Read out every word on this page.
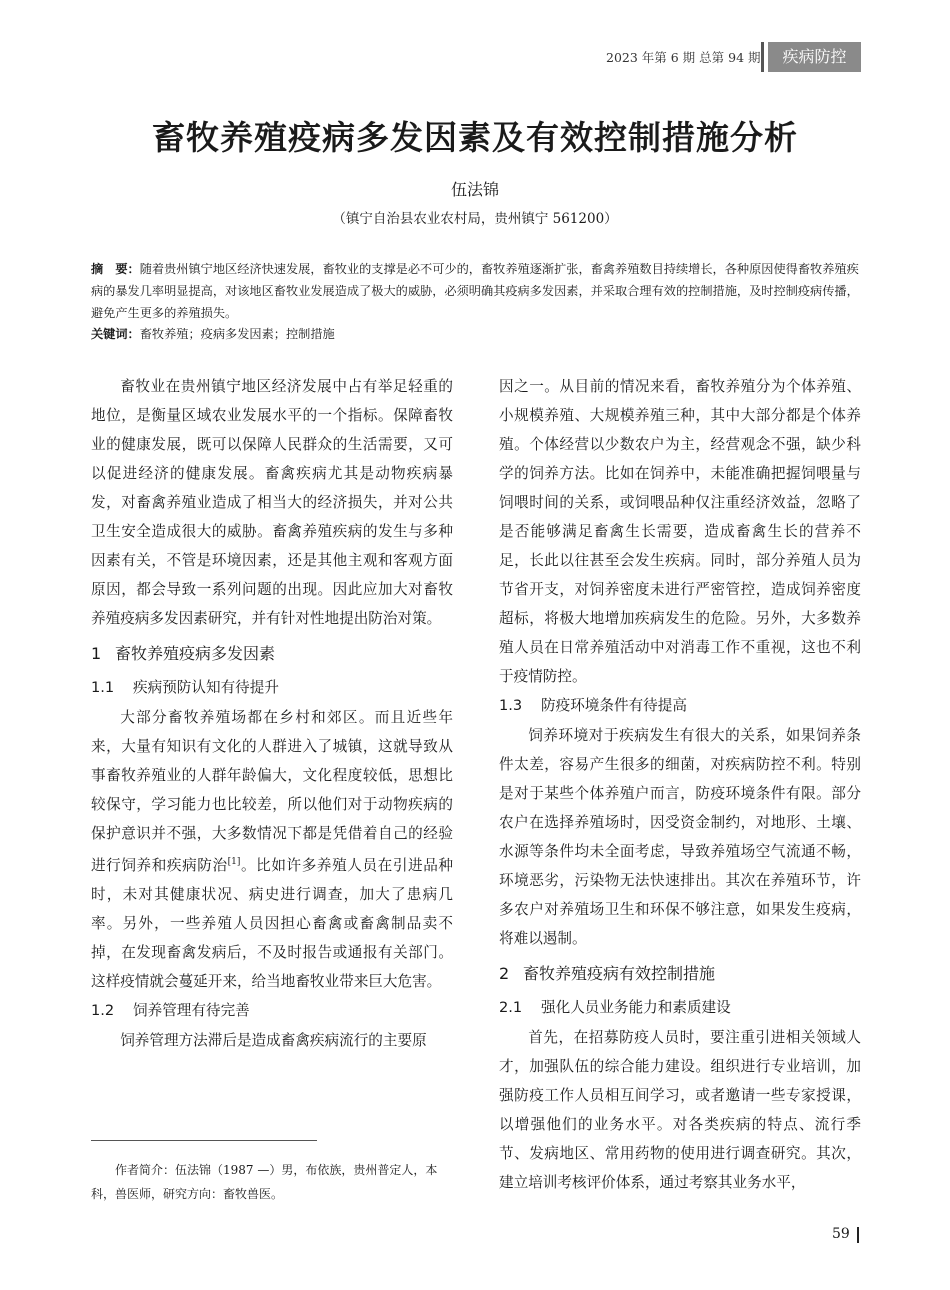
2023 年第 6 期 总第 94 期	疾病防控
畜牧养殖疫病多发因素及有效控制措施分析
伍法锦
（镇宁自治县农业农村局，贵州镇宁 561200）
摘　要：随着贵州镇宁地区经济快速发展，畜牧业的支撑是必不可少的，畜牧养殖逐渐扩张，畜禽养殖数目持续增长，各种原因使得畜牧养殖疾病的暴发几率明显提高，对该地区畜牧业发展造成了极大的威胁，必须明确其疫病多发因素，并采取合理有效的控制措施，及时控制疫病传播，避免产生更多的养殖损失。
关键词：畜牧养殖；疫病多发因素；控制措施

畜牧业在贵州镇宁地区经济发展中占有举足轻重的地位，是衡量区域农业发展水平的一个指标。保障畜牧业的健康发展，既可以保障人民群众的生活需要，又可以促进经济的健康发展。畜禽疾病尤其是动物疾病暴发，对畜禽养殖业造成了相当大的经济损失，并对公共卫生安全造成很大的威胁。畜禽养殖疾病的发生与多种因素有关，不管是环境因素，还是其他主观和客观方面原因，都会导致一系列问题的出现。因此应加大对畜牧养殖疫病多发因素研究，并有针对性地提出防治对策。

1 畜牧养殖疫病多发因素
1.1 疾病预防认知有待提升

大部分畜牧养殖场都在乡村和郊区。而且近些年来，大量有知识有文化的人群进入了城镇，这就导致从事畜牧养殖业的人群年龄偏大，文化程度较低，思想比较保守，学习能力也比较差，所以他们对于动物疾病的保护意识并不强，大多数情况下都是凭借着自己的经验进行饲养和疾病防治[1]。比如许多养殖人员在引进品种时，未对其健康状况、病史进行调查，加大了患病几率。另外，一些养殖人员因担心畜禽或畜禽制品卖不掉，在发现畜禽发病后，不及时报告或通报有关部门。这样疫情就会蔓延开来，给当地畜牧业带来巨大危害。

1.2 饲养管理有待完善

饲养管理方法滞后是造成畜禽疾病流行的主要原

因之一。从目前的情况来看，畜牧养殖分为个体养殖、小规模养殖、大规模养殖三种，其中大部分都是个体养殖。个体经营以少数农户为主，经营观念不强，缺少科学的饲养方法。比如在饲养中，未能准确把握饲喂量与饲喂时间的关系，或饲喂品种仅注重经济效益，忽略了是否能够满足畜禽生长需要，造成畜禽生长的营养不足，长此以往甚至会发生疾病。同时，部分养殖人员为节省开支，对饲养密度未进行严密管控，造成饲养密度超标，将极大地增加疾病发生的危险。另外，大多数养殖人员在日常养殖活动中对消毒工作不重视，这也不利于疫情防控。

1.3 防疫环境条件有待提高

饲养环境对于疾病发生有很大的关系，如果饲养条件太差，容易产生很多的细菌，对疾病防控不利。特别是对于某些个体养殖户而言，防疫环境条件有限。部分农户在选择养殖场时，因受资金制约，对地形、土壤、水源等条件均未全面考虑，导致养殖场空气流通不畅，环境恶劣，污染物无法快速排出。其次在养殖环节，许多农户对养殖场卫生和环保不够注意，如果发生疫病，将难以遏制。

2 畜牧养殖疫病有效控制措施
2.1 强化人员业务能力和素质建设

首先，在招募防疫人员时，要注重引进相关领域人才，加强队伍的综合能力建设。组织进行专业培训，加强防疫工作人员相互间学习，或者邀请一些专家授课，以增强他们的业务水平。对各类疾病的特点、流行季节、发病地区、常用药物的使用进行调查研究。其次，建立培训考核评价体系，通过考察其业务水平，

作者简介：伍法锦（1987 —）男，布依族，贵州普定人，本科，兽医师，研究方向：畜牧兽医。
59
